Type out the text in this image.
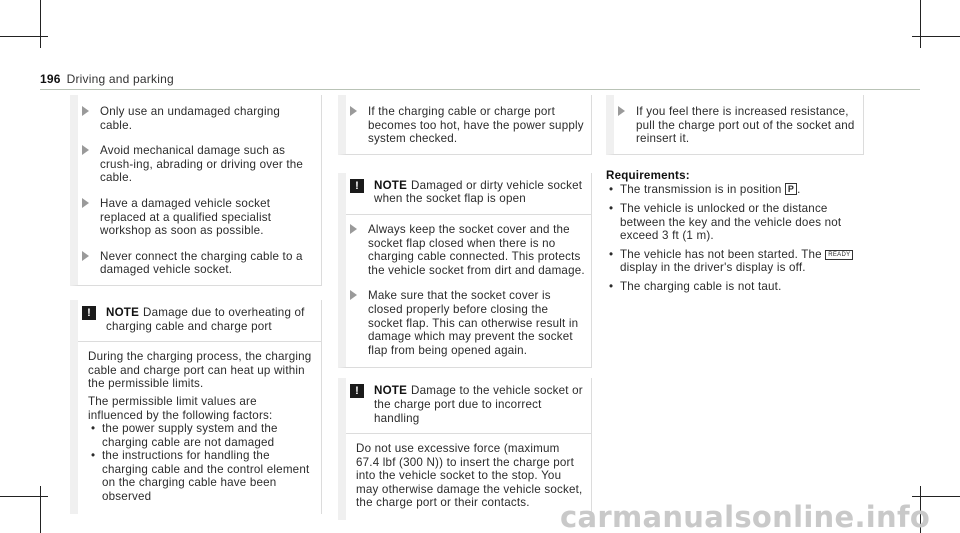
196 Driving and parking
Only use an undamaged charging cable.
Avoid mechanical damage such as crush-ing, abrading or driving over the cable.
Have a damaged vehicle socket replaced at a qualified specialist workshop as soon as possible.
Never connect the charging cable to a damaged vehicle socket.
!	NOTE Damage due to overheating of charging cable and charge port

During the charging process, the charging cable and charge port can heat up within the permissible limits.

The permissible limit values are influenced by the following factors:

• the power supply system and the charging cable are not damaged
• the instructions for handling the charging cable and the control element on the charging cable have been observed
If the charging cable or charge port becomes too hot, have the power supply system checked.
!	NOTE Damaged or dirty vehicle socket when the socket flap is open
Always keep the socket cover and the socket flap closed when there is no charging cable connected. This protects the vehicle socket from dirt and damage.
Make sure that the socket cover is closed properly before closing the socket flap. This can otherwise result in damage which may prevent the socket flap from being opened again.
!	NOTE Damage to the vehicle socket or the charge port due to incorrect handling

Do not use excessive force (maximum 67.4 lbf (300 N)) to insert the charge port into the vehicle socket to the stop. You may otherwise damage the vehicle socket, the charge port or their contacts.

If you feel there is increased resistance, pull the charge port out of the socket and reinsert it.
Requirements:
• The transmission is in position P .
• The vehicle is unlocked or the distance between the key and the vehicle does not exceed 3 ft (1 m).
• The vehicle has not been started. The READY display in the driver's display is off.
• The charging cable is not taut.
carmanualsonline.info
